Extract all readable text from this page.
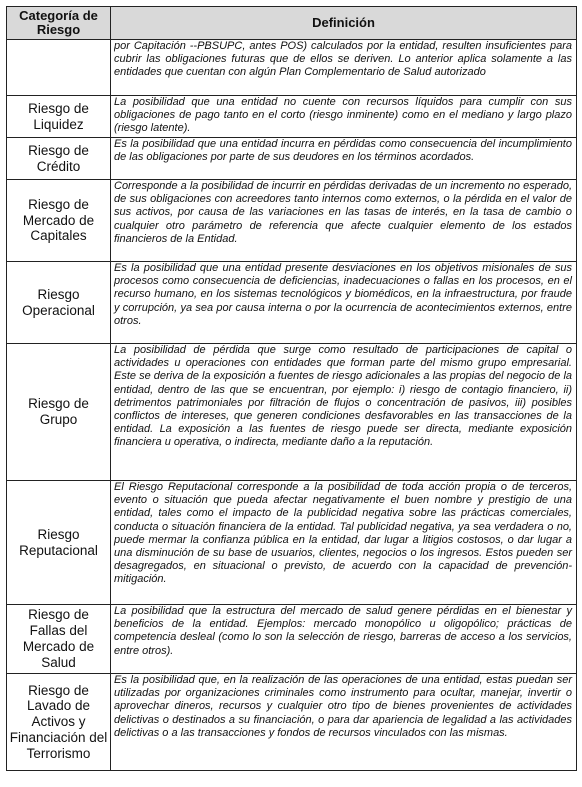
Categoría de Riesgo	Definición

	por Capitación --PBSUPC, antes POS) calculados por la entidad, resulten insuficientes para cubrir las obligaciones futuras que de ellos se deriven. Lo anterior aplica solamente a las entidades que cuentan con algún Plan Complementario de Salud autorizado

Riesgo de Liquidez	La posibilidad que una entidad no cuente con recursos líquidos para cumplir con sus obligaciones de pago tanto en el corto (riesgo inminente) como en el mediano y largo plazo (riesgo latente).
Riesgo de Crédito	Es la posibilidad que una entidad incurra en pérdidas como consecuencia del incumplimiento de las obligaciones por parte de sus deudores en los términos acordados.
Riesgo de Mercado de Capitales	Corresponde a la posibilidad de incurrir en pérdidas derivadas de un incremento no esperado, de sus obligaciones con acreedores tanto internos como externos, o la pérdida en el valor de sus activos, por causa de las variaciones en las tasas de interés, en la tasa de cambio o cualquier otro parámetro de referencia que afecte cualquier elemento de los estados financieros de la Entidad.
Riesgo Operacional	Es la posibilidad que una entidad presente desviaciones en los objetivos misionales de sus procesos como consecuencia de deficiencias, inadecuaciones o fallas en los procesos, en el recurso humano, en los sistemas tecnológicos y biomédicos, en la infraestructura, por fraude y corrupción, ya sea por causa interna o por la ocurrencia de acontecimientos externos, entre otros.
Riesgo de Grupo	La posibilidad de pérdida que surge como resultado de participaciones de capital o actividades u operaciones con entidades que forman parte del mismo grupo empresarial. Este se deriva de la exposición a fuentes de riesgo adicionales a las propias del negocio de la entidad, dentro de las que se encuentran, por ejemplo: i) riesgo de contagio financiero, ii) detrimentos patrimoniales por filtración de flujos o concentración de pasivos, iii) posibles conflictos de intereses, que generen condiciones desfavorables en las transacciones de la entidad. La exposición a las fuentes de riesgo puede ser directa, mediante exposición financiera u operativa, o indirecta, mediante daño a la reputación.
Riesgo Reputacional	El Riesgo Reputacional corresponde a la posibilidad de toda acción propia o de terceros, evento o situación que pueda afectar negativamente el buen nombre y prestigio de una entidad, tales como el impacto de la publicidad negativa sobre las prácticas comerciales, conducta o situación financiera de la entidad. Tal publicidad negativa, ya sea verdadera o no, puede mermar la confianza pública en la entidad, dar lugar a litigios costosos, o dar lugar a una disminución de su base de usuarios, clientes, negocios o los ingresos. Estos pueden ser desagregados, en situacional o previsto, de acuerdo con la capacidad de prevención-mitigación.
Riesgo de Fallas del Mercado de Salud	La posibilidad que la estructura del mercado de salud genere pérdidas en el bienestar y beneficios de la entidad. Ejemplos: mercado monopólico u oligopólico; prácticas de competencia desleal (como lo son la selección de riesgo, barreras de acceso a los servicios, entre otros).
Riesgo de Lavado de Activos y Financiación del Terrorismo	Es la posibilidad que, en la realización de las operaciones de una entidad, estas puedan ser utilizadas por organizaciones criminales como instrumento para ocultar, manejar, invertir o aprovechar dineros, recursos y cualquier otro tipo de bienes provenientes de actividades delictivas o destinados a su financiación, o para dar apariencia de legalidad a las actividades delictivas o a las transacciones y fondos de recursos vinculados con las mismas.
